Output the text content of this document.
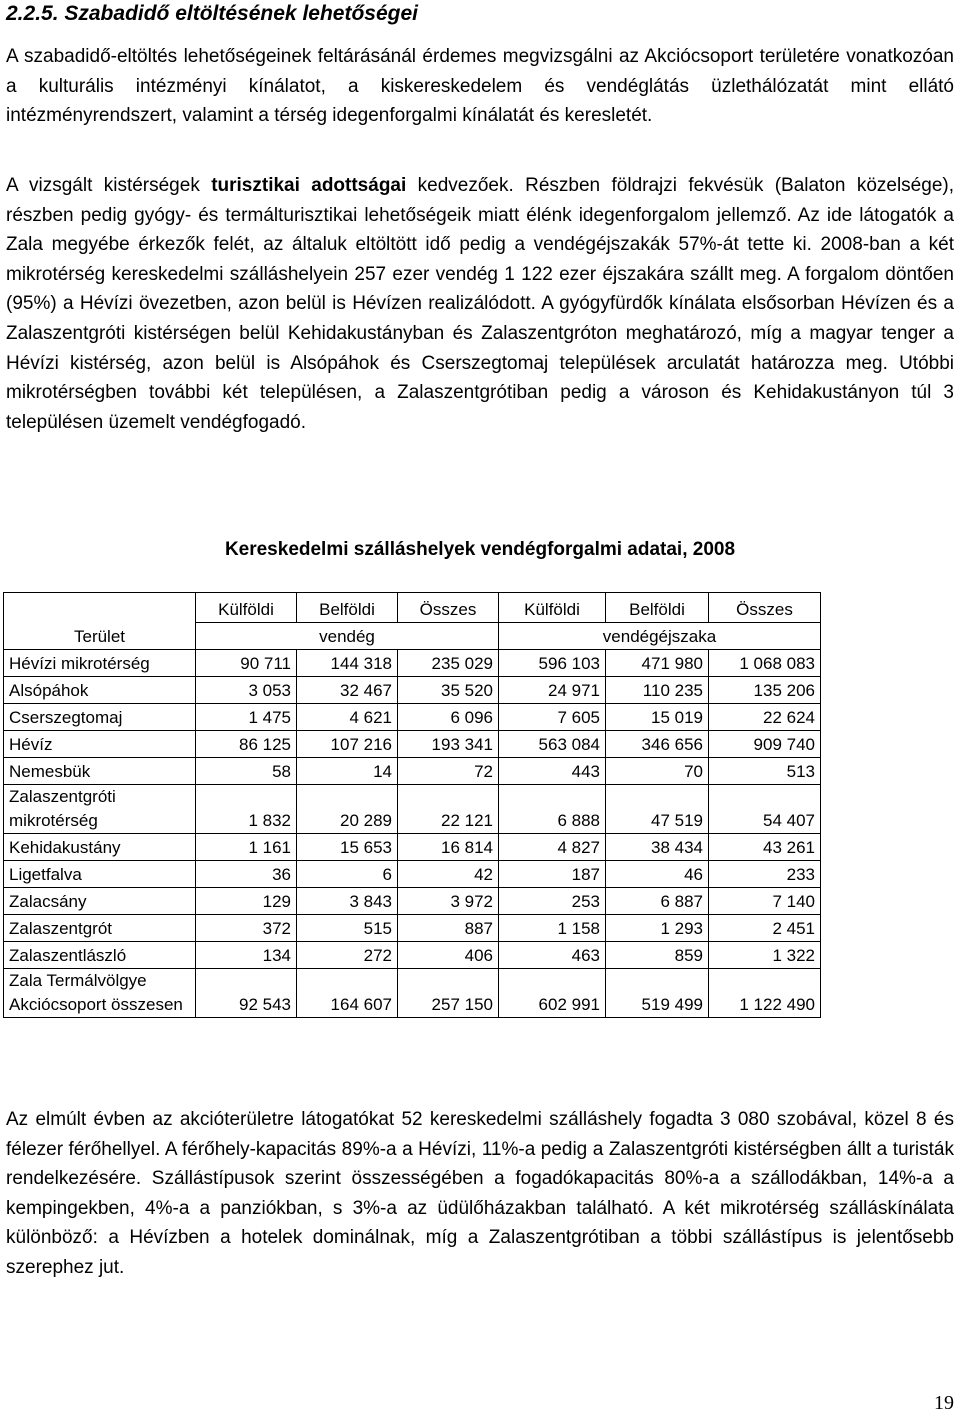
2.2.5. Szabadidő eltöltésének lehetőségei

A szabadidő-eltöltés lehetőségeinek feltárásánál érdemes megvizsgálni az Akciócsoport területére vonatkozóan a kulturális intézményi kínálatot, a kiskereskedelem és vendéglátás üzlethálózatát mint ellátó intézményrendszert, valamint a térség idegenforgalmi kínálatát és keresletét.

A vizsgált kistérségek turisztikai adottságai kedvezőek. Részben földrajzi fekvésük (Balaton közelsége), részben pedig gyógy- és termálturisztikai lehetőségeik miatt élénk idegenforgalom jellemző. Az ide látogatók a Zala megyébe érkezők felét, az általuk eltöltött idő pedig a vendégéjszakák 57%-át tette ki. 2008-ban a két mikrotérség kereskedelmi szálláshelyein 257 ezer vendég 1 122 ezer éjszakára szállt meg. A forgalom döntően (95%) a Hévízi övezetben, azon belül is Hévízen realizálódott. A gyógyfürdők kínálata elsősorban Hévízen és a Zalaszentgróti kistérségen belül Kehidakustányban és Zalaszentgróton meghatározó, míg a magyar tenger a Hévízi kistérség, azon belül is Alsópáhok és Cserszegtomaj települések arculatát határozza meg. Utóbbi mikrotérségben további két településen, a Zalaszentgrótiban pedig a városon és Kehidakustányon túl 3 településen üzemelt vendégfogadó.

Kereskedelmi szálláshelyek vendégforgalmi adatai, 2008
	Külföldi	Belföldi	Összes	Külföldi	Belföldi	Összes
Terület	vendég			vendégéjszaka		
Hévízi mikrotérség	90 711	144 318	235 029	596 103	471 980	1 068 083
Alsópáhok	3 053	32 467	35 520	24 971	110 235	135 206
Cserszegtomaj	1 475	4 621	6 096	7 605	15 019	22 624
Hévíz	86 125	107 216	193 341	563 084	346 656	909 740
Nemesbük	58	14	72	443	70	513
Zalaszentgróti mikrotérség	1 832	20 289	22 121	6 888	47 519	54 407
Kehidakustány	1 161	15 653	16 814	4 827	38 434	43 261
Ligetfalva	36	6	42	187	46	233
Zalacsány	129	3 843	3 972	253	6 887	7 140
Zalaszentgrót	372	515	887	1 158	1 293	2 451
Zalaszentlászló	134	272	406	463	859	1 322
Zala Termálvölgye Akciócsoport összesen	92 543	164 607	257 150	602 991	519 499	1 122 490

Az elmúlt évben az akcióterületre látogatókat 52 kereskedelmi szálláshely fogadta 3 080 szobával, közel 8 és félezer férőhellyel. A férőhely-kapacitás 89%-a a Hévízi, 11%-a pedig a Zalaszentgróti kistérségben állt a turisták rendelkezésére. Szállástípusok szerint összességében a fogadókapacitás 80%-a a szállodákban, 14%-a a kempingekben, 4%-a a panziókban, s 3%-a az üdülőházakban található. A két mikrotérség szálláskínálata különböző: a Hévízben a hotelek dominálnak, míg a Zalaszentgrótiban a többi szállástípus is jelentősebb szerephez jut.

19
